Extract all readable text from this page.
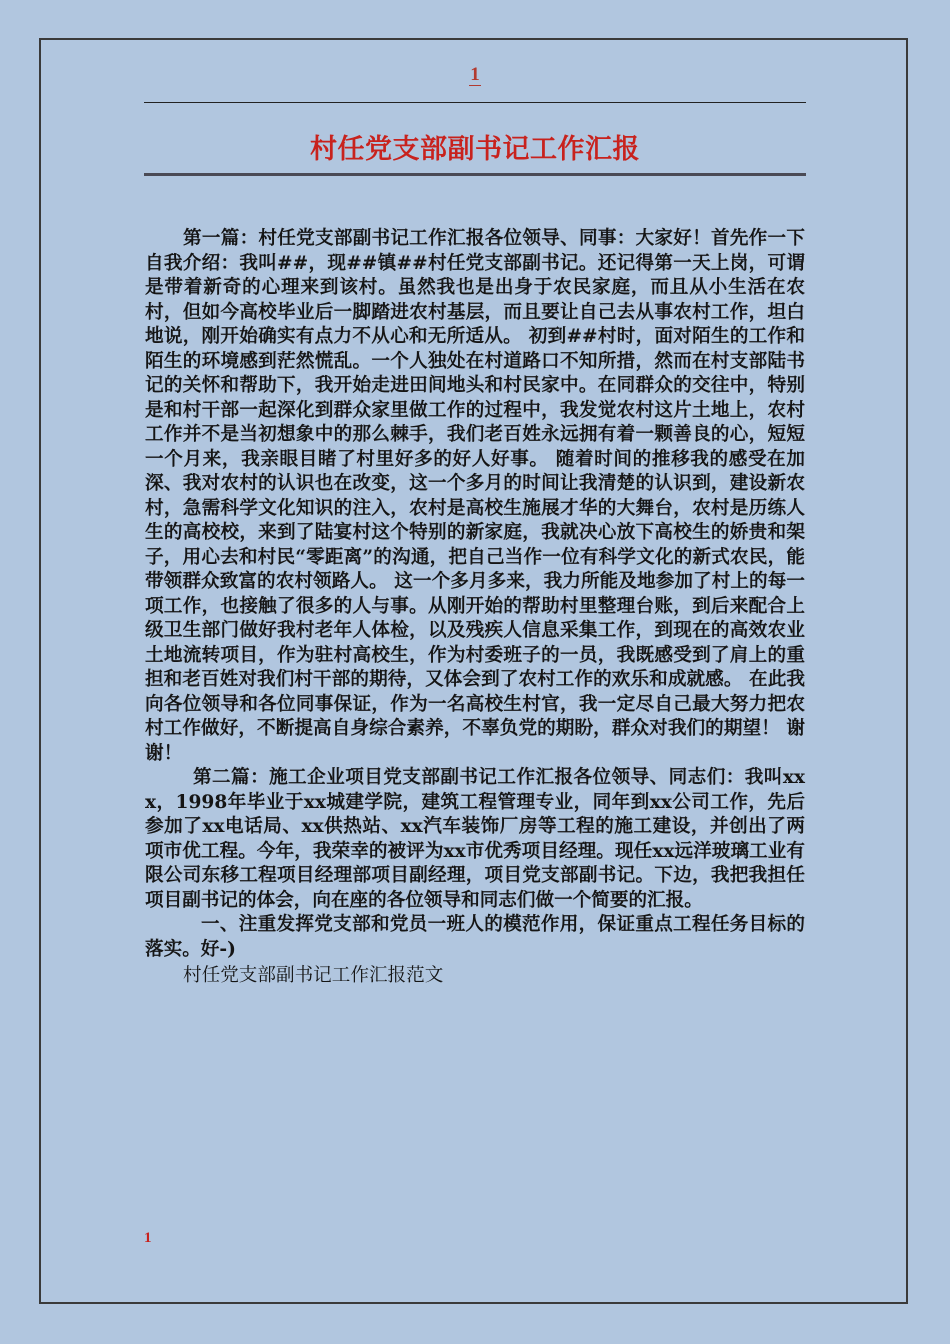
1
村任党支部副书记工作汇报

第一篇：村任党支部副书记工作汇报各位领导、同事：大家好！首先作一下自我介绍：我叫##，现##镇##村任党支部副书记。还记得第一天上岗，可谓是带着新奇的心理来到该村。虽然我也是出身于农民家庭，而且从小生活在农村，但如今高校毕业后一脚踏进农村基层，而且要让自己去从事农村工作，坦白地说，刚开始确实有点力不从心和无所适从。 初到##村时，面对陌生的工作和陌生的环境感到茫然慌乱。一个人独处在村道路口不知所措，然而在村支部陆书记的关怀和帮助下，我开始走进田间地头和村民家中。在同群众的交往中，特别是和村干部一起深化到群众家里做工作的过程中，我发觉农村这片土地上，农村工作并不是当初想象中的那么棘手，我们老百姓永远拥有着一颗善良的心，短短一个月来，我亲眼目睹了村里好多的好人好事。 随着时间的推移我的感受在加深、我对农村的认识也在改变，这一个多月的时间让我清楚的认识到，建设新农村，急需科学文化知识的注入，农村是高校生施展才华的大舞台，农村是历练人生的高校校，来到了陆宴村这个特别的新家庭，我就决心放下高校生的娇贵和架子，用心去和村民“零距离”的沟通，把自己当作一位有科学文化的新式农民，能带领群众致富的农村领路人。 这一个多月多来，我力所能及地参加了村上的每一项工作，也接触了很多的人与事。从刚开始的帮助村里整理台账，到后来配合上级卫生部门做好我村老年人体检，以及残疾人信息采集工作，到现在的高效农业土地流转项目，作为驻村高校生，作为村委班子的一员，我既感受到了肩上的重担和老百姓对我们村干部的期待，又体会到了农村工作的欢乐和成就感。 在此我向各位领导和各位同事保证，作为一名高校生村官，我一定尽自己最大努力把农村工作做好，不断提高自身综合素养，不辜负党的期盼，群众对我们的期望！ 谢谢！

第二篇：施工企业项目党支部副书记工作汇报各位领导、同志们：我叫xxx，1998年毕业于xx城建学院，建筑工程管理专业，同年到xx公司工作，先后参加了xx电话局、xx供热站、xx汽车装饰厂房等工程的施工建设，并创出了两项市优工程。今年，我荣幸的被评为xx市优秀项目经理。现任xx远洋玻璃工业有限公司东移工程项目经理部项目副经理，项目党支部副书记。下边，我把我担任项目副书记的体会，向在座的各位领导和同志们做一个简要的汇报。

一、注重发挥党支部和党员一班人的模范作用，保证重点工程任务目标的落实。好-)

村任党支部副书记工作汇报范文

1
